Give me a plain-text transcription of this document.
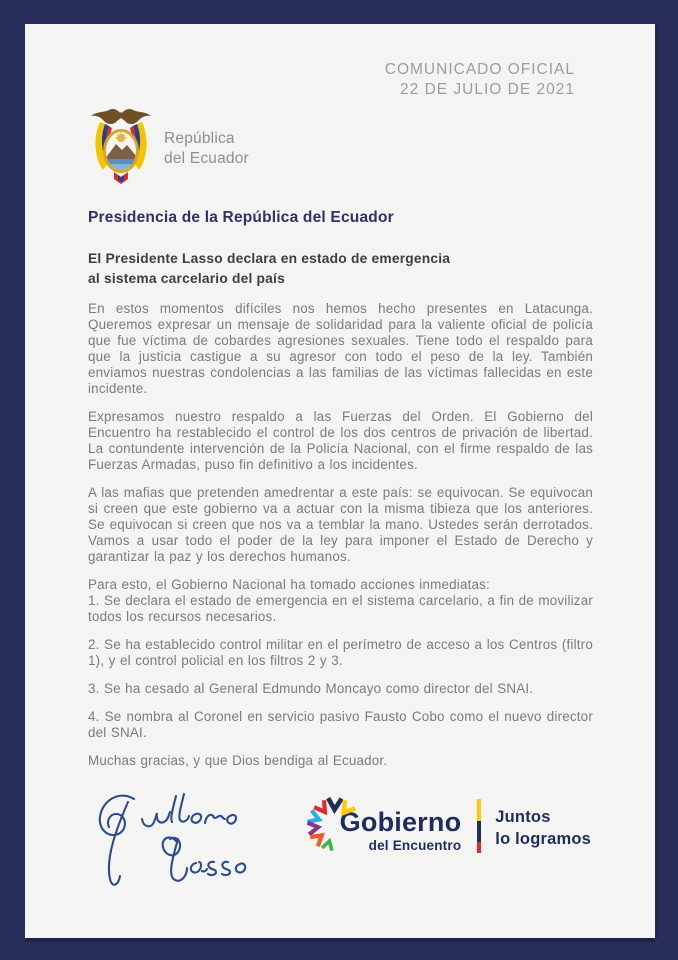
COMUNICADO OFICIAL
22 DE JULIO DE 2021
República
del Ecuador
Presidencia de la República del Ecuador
El Presidente Lasso declara en estado de emergencia
al sistema carcelario del país

En estos momentos difíciles nos hemos hecho presentes en Latacunga. Queremos expresar un mensaje de solidaridad para la valiente oficial de policía que fue víctima de cobardes agresiones sexuales. Tiene todo el respaldo para que la justicia castigue a su agresor con todo el peso de la ley. También enviamos nuestras condolencias a las familias de las víctimas fallecidas en este incidente.

Expresamos nuestro respaldo a las Fuerzas del Orden. El Gobierno del Encuentro ha restablecido el control de los dos centros de privación de libertad. La contundente intervención de la Policía Nacional, con el firme respaldo de las Fuerzas Armadas, puso fin definitivo a los incidentes.

A las mafias que pretenden amedrentar a este país: se equivocan. Se equivocan si creen que este gobierno va a actuar con la misma tibieza que los anteriores. Se equivocan si creen que nos va a temblar la mano. Ustedes serán derrotados. Vamos a usar todo el poder de la ley para imponer el Estado de Derecho y garantizar la paz y los derechos humanos.

Para esto, el Gobierno Nacional ha tomado acciones inmediatas:

1. Se declara el estado de emergencia en el sistema carcelario, a fin de movilizar todos los recursos necesarios.

2. Se ha establecido control militar en el perímetro de acceso a los Centros (filtro 1), y el control policial en los filtros 2 y 3.

3. Se ha cesado al General Edmundo Moncayo como director del SNAI.

4. Se nombra al Coronel en servicio pasivo Fausto Cobo como el nuevo director del SNAI.

Muchas gracias, y que Dios bendiga al Ecuador.

Gobierno
del Encuentro
Juntos
lo logramos
